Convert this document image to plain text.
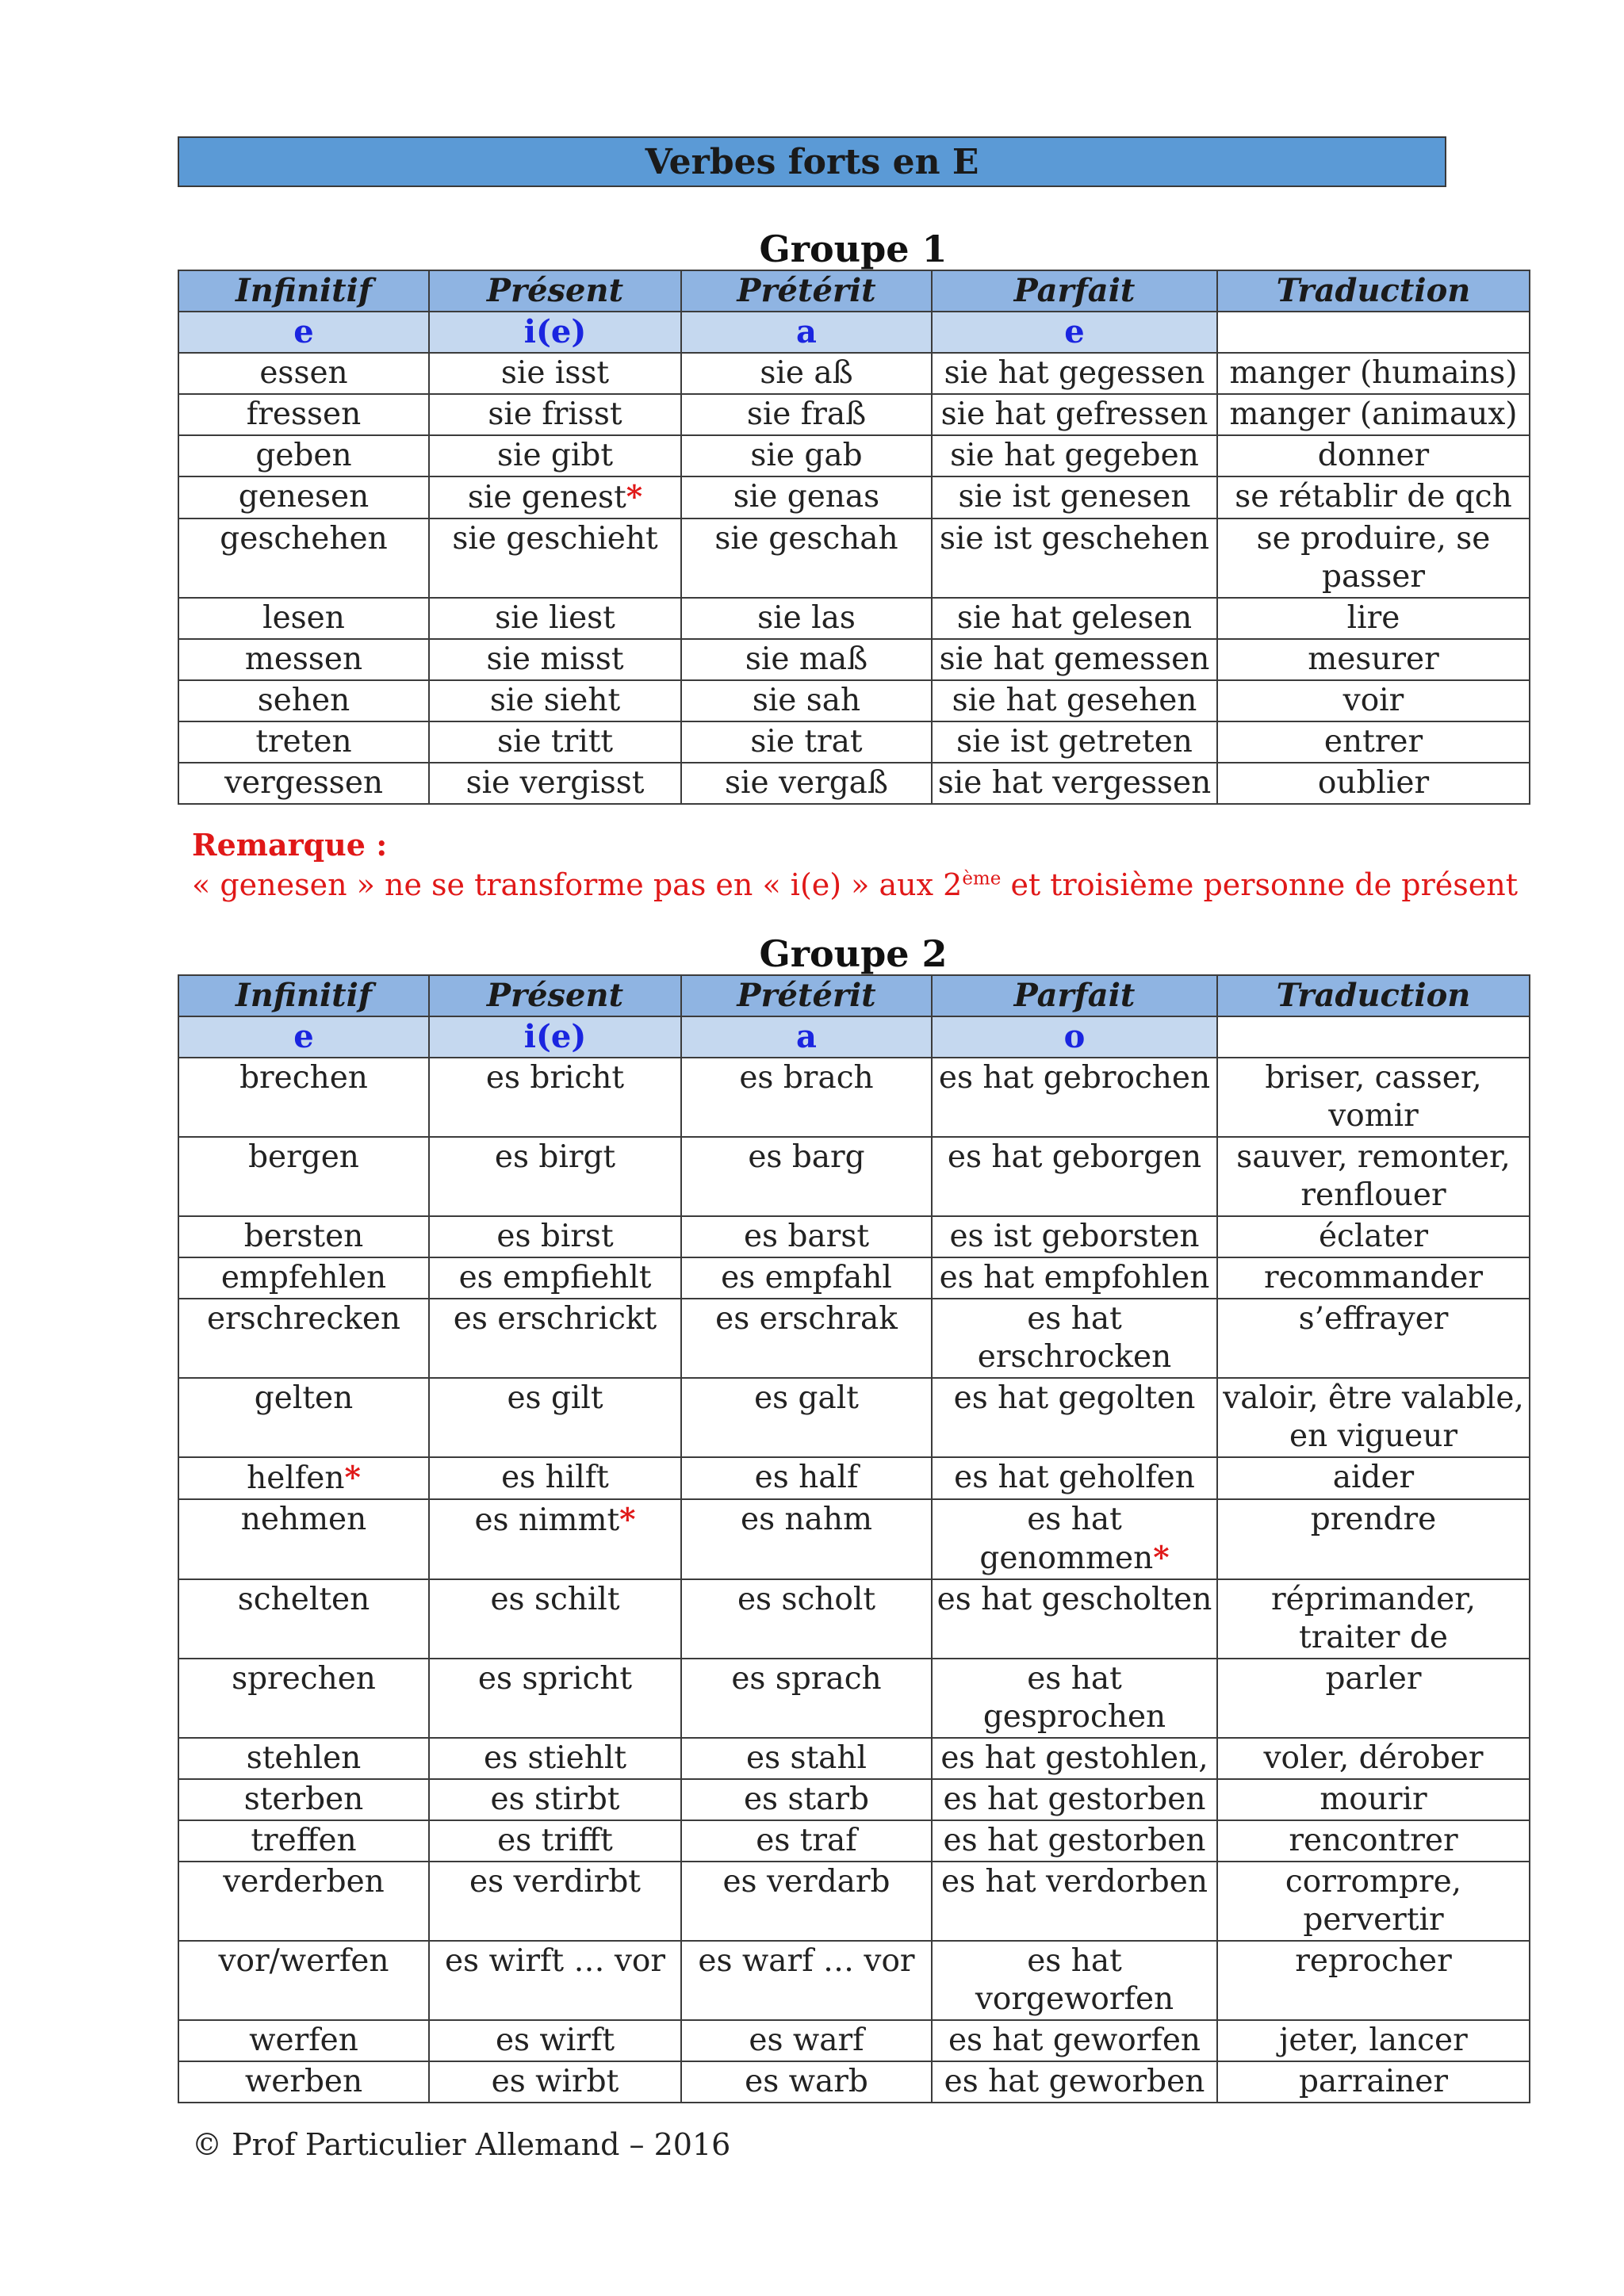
Verbes forts en E
Groupe 1
Infinitif	Présent	Prétérit	Parfait	Traduction
e	i(e)	a	e	
essen	sie isst	sie aß	sie hat gegessen	manger (humains)
fressen	sie frisst	sie fraß	sie hat gefressen	manger (animaux)
geben	sie gibt	sie gab	sie hat gegeben	donner
genesen	sie genest*	sie genas	sie ist genesen	se rétablir de qch
geschehen	sie geschieht	sie geschah	sie ist geschehen	se produire, se passer
lesen	sie liest	sie las	sie hat gelesen	lire
messen	sie misst	sie maß	sie hat gemessen	mesurer
sehen	sie sieht	sie sah	sie hat gesehen	voir
treten	sie tritt	sie trat	sie ist getreten	entrer
vergessen	sie vergisst	sie vergaß	sie hat vergessen	oublier
Remarque :
« genesen » ne se transforme pas en « i(e) » aux 2ème et troisième personne de présent
Groupe 2
Infinitif	Présent	Prétérit	Parfait	Traduction
e	i(e)	a	o	
brechen	es bricht	es brach	es hat gebrochen	briser, casser, vomir
bergen	es birgt	es barg	es hat geborgen	sauver, remonter, renflouer
bersten	es birst	es barst	es ist geborsten	éclater
empfehlen	es empfiehlt	es empfahl	es hat empfohlen	recommander
erschrecken	es erschrickt	es erschrak	es hat erschrocken	s’effrayer
gelten	es gilt	es galt	es hat gegolten	valoir, être valable, en vigueur
helfen*	es hilft	es half	es hat geholfen	aider
nehmen	es nimmt*	es nahm	es hat genommen*	prendre
schelten	es schilt	es scholt	es hat gescholten	réprimander, traiter de
sprechen	es spricht	es sprach	es hat gesprochen	parler
stehlen	es stiehlt	es stahl	es hat gestohlen,	voler, dérober
sterben	es stirbt	es starb	es hat gestorben	mourir
treffen	es trifft	es traf	es hat gestorben	rencontrer
verderben	es verdirbt	es verdarb	es hat verdorben	corrompre, pervertir
vor/werfen	es wirft … vor	es warf … vor	es hat vorgeworfen	reprocher
werfen	es wirft	es warf	es hat geworfen	jeter, lancer
werben	es wirbt	es warb	es hat geworben	parrainer
© Prof Particulier Allemand – 2016
